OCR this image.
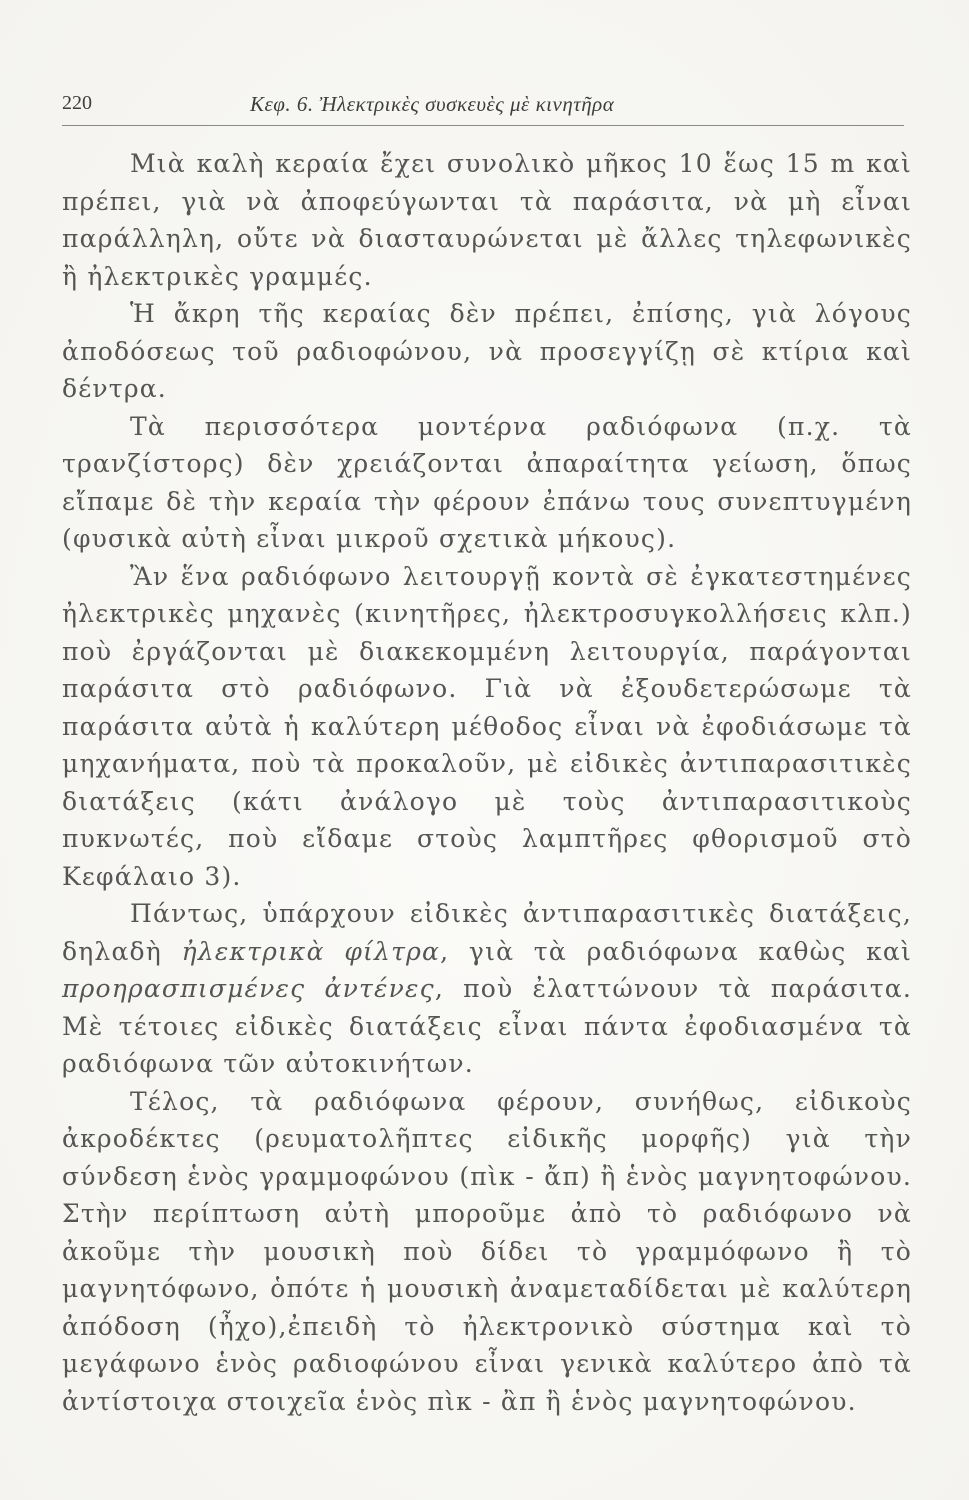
220	Κεφ. 6. Ἠλεκτρικὲς συσκευὲς μὲ κινητῆρα

Μιὰ καλὴ κεραία ἔχει συνολικὸ μῆκος 10 ἕως 15 m καὶ πρέπει, γιὰ νὰ ἀποφεύγωνται τὰ παράσιτα, νὰ μὴ εἶναι παράλληλη, οὔτε νὰ διασταυρώνεται μὲ ἄλλες τηλεφωνικὲς ἢ ἠλεκτρικὲς γραμμές.

Ἡ ἄκρη τῆς κεραίας δὲν πρέπει, ἐπίσης, γιὰ λόγους ἀποδόσεως τοῦ ραδιοφώνου, νὰ προσεγγίζῃ σὲ κτίρια καὶ δέντρα.

Τὰ περισσότερα μοντέρνα ραδιόφωνα (π.χ. τὰ τρανζίστορς) δὲν χρειάζονται ἀπαραίτητα γείωση, ὅπως εἴπαμε δὲ τὴν κεραία τὴν φέρουν ἐπάνω τους συνεπτυγμένη (φυσικὰ αὐτὴ εἶναι μικροῦ σχετικὰ μήκους).

Ἂν ἕνα ραδιόφωνο λειτουργῇ κοντὰ σὲ ἐγκατεστημένες ἠλεκτρικὲς μηχανὲς (κινητῆρες, ἠλεκτροσυγκολλήσεις κλπ.) ποὺ ἐργάζονται μὲ διακεκομμένη λειτουργία, παράγονται παράσιτα στὸ ραδιόφωνο. Γιὰ νὰ ἐξουδετερώσωμε τὰ παράσιτα αὐτὰ ἡ καλύτερη μέθοδος εἶναι νὰ ἐφοδιάσωμε τὰ μηχανήματα, ποὺ τὰ προκαλοῦν, μὲ εἰδικὲς ἀντιπαρασιτικὲς διατάξεις (κάτι ἀνάλογο μὲ τοὺς ἀντιπαρασιτικοὺς πυκνωτές, ποὺ εἴδαμε στοὺς λαμπτῆρες φθορισμοῦ στὸ Κεφάλαιο 3).

Πάντως, ὑπάρχουν εἰδικὲς ἀντιπαρασιτικὲς διατάξεις, δηλαδὴ ἠλεκτρικὰ φίλτρα, γιὰ τὰ ραδιόφωνα καθὼς καὶ προηρασπισμένες ἀντένες, ποὺ ἐλαττώνουν τὰ παράσιτα. Μὲ τέτοιες εἰδικὲς διατάξεις εἶναι πάντα ἐφοδιασμένα τὰ ραδιόφωνα τῶν αὐτοκινήτων.

Τέλος, τὰ ραδιόφωνα φέρουν, συνήθως, εἰδικοὺς ἀκροδέκτες (ρευματολῆπτες εἰδικῆς μορφῆς) γιὰ τὴν σύνδεση ἑνὸς γραμμοφώνου (πὶκ - ἄπ) ἢ ἑνὸς μαγνητοφώνου. Στὴν περίπτωση αὐτὴ μποροῦμε ἀπὸ τὸ ραδιόφωνο νὰ ἀκοῦμε τὴν μουσικὴ ποὺ δίδει τὸ γραμμόφωνο ἢ τὸ μαγνητόφωνο, ὁπότε ἡ μουσικὴ ἀναμεταδίδεται μὲ καλύτερη ἀπόδοση (ἦχο),ἐπειδὴ τὸ ἠλεκτρονικὸ σύστημα καὶ τὸ μεγάφωνο ἑνὸς ραδιοφώνου εἶναι γενικὰ καλύτερο ἀπὸ τὰ ἀντίστοιχα στοιχεῖα ἑνὸς πὶκ - ἂπ ἢ ἑνὸς μαγνητοφώνου.
